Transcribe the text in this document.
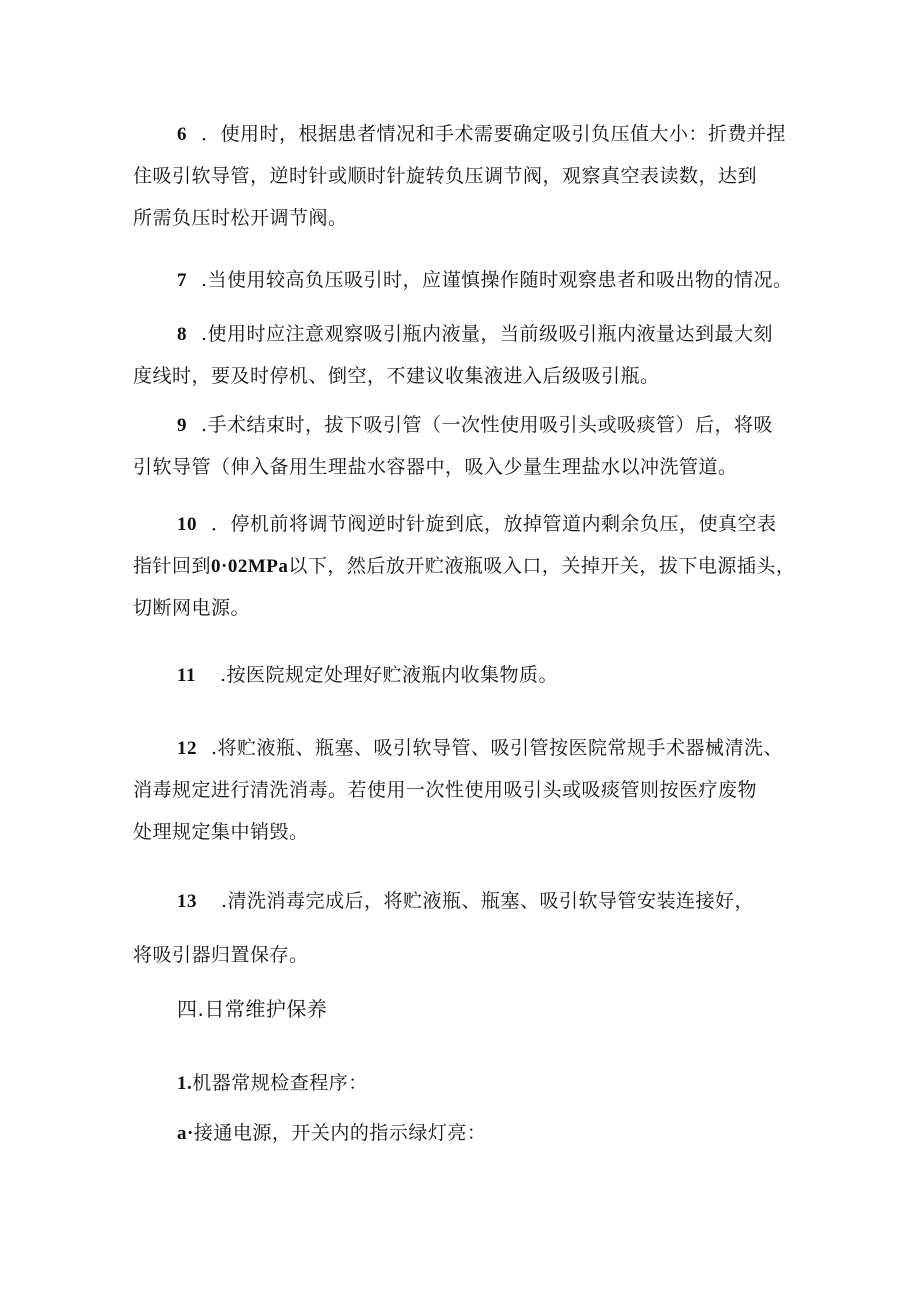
6 ．使用时，根据患者情况和手术需要确定吸引负压值大小：折费并捏
住吸引软导管，逆时针或顺时针旋转负压调节阀，观察真空表读数，达到
所需负压时松开调节阀。
7 .当使用较高负压吸引时，应谨慎操作随时观察患者和吸出物的情况。
8 .使用时应注意观察吸引瓶内液量，当前级吸引瓶内液量达到最大刻
度线时，要及时停机、倒空，不建议收集液进入后级吸引瓶。
9 .手术结束时，拔下吸引管（一次性使用吸引头或吸痰管）后，将吸
引软导管（伸入备用生理盐水容器中，吸入少量生理盐水以冲洗管道。
10 ．停机前将调节阀逆时针旋到底，放掉管道内剩余负压，使真空表
指针回到0·02MPa以下，然后放开贮液瓶吸入口，关掉开关，拔下电源插头，
切断网电源。
11 .按医院规定处理好贮液瓶内收集物质。
12 .将贮液瓶、瓶塞、吸引软导管、吸引管按医院常规手术器械清洗、
消毒规定进行清洗消毒。若使用一次性使用吸引头或吸痰管则按医疗废物
处理规定集中销毁。
13 .清洗消毒完成后，将贮液瓶、瓶塞、吸引软导管安装连接好，
将吸引器归置保存。
四.日常维护保养
1.机器常规检查程序：
a·接通电源，开关内的指示绿灯亮：
